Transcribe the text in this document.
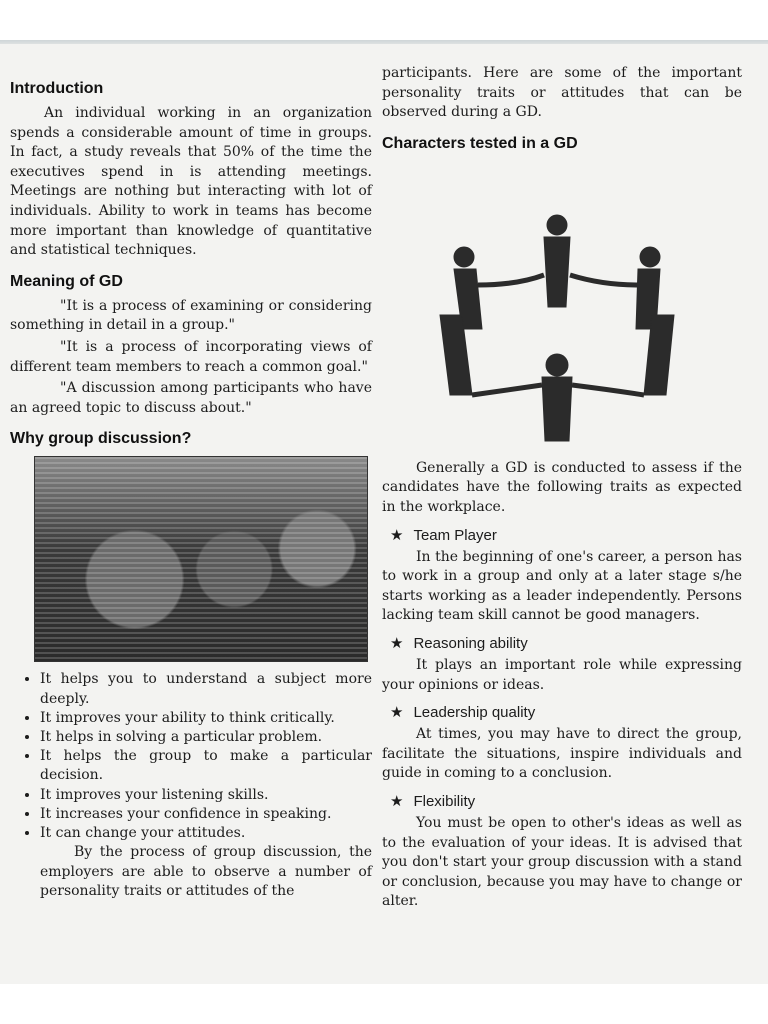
Introduction

An individual working in an organization spends a considerable amount of time in groups. In fact, a study reveals that 50% of the time the executives spend in is attending meetings. Meetings are nothing but interacting with lot of individuals. Ability to work in teams has become more important than knowledge of quantitative and statistical techniques.

Meaning of GD

"It is a process of examining or considering something in detail in a group."

"It is a process of incorporating views of different team members to reach a common goal."

"A discussion among participants who have an agreed topic to discuss about."

Why group discussion?
• It helps you to understand a subject more deeply.
• It improves your ability to think critically.
• It helps in solving a particular problem.
• It helps the group to make a particular decision.
• It improves your listening skills.
• It increases your confidence in speaking.
• It can change your attitudes.

By the process of group discussion, the employers are able to observe a number of personality traits or attitudes of the

participants. Here are some of the important personality traits or attitudes that can be observed during a GD.

Characters tested in a GD

Generally a GD is conducted to assess if the candidates have the following traits as expected in the workplace.

★ Team Player

In the beginning of one's career, a person has to work in a group and only at a later stage s/he starts working as a leader independently. Persons lacking team skill cannot be good managers.

★ Reasoning ability

It plays an important role while expressing your opinions or ideas.

★ Leadership quality

At times, you may have to direct the group, facilitate the situations, inspire individuals and guide in coming to a conclusion.

★ Flexibility

You must be open to other's ideas as well as to the evaluation of your ideas. It is advised that you don't start your group discussion with a stand or conclusion, because you may have to change or alter.
